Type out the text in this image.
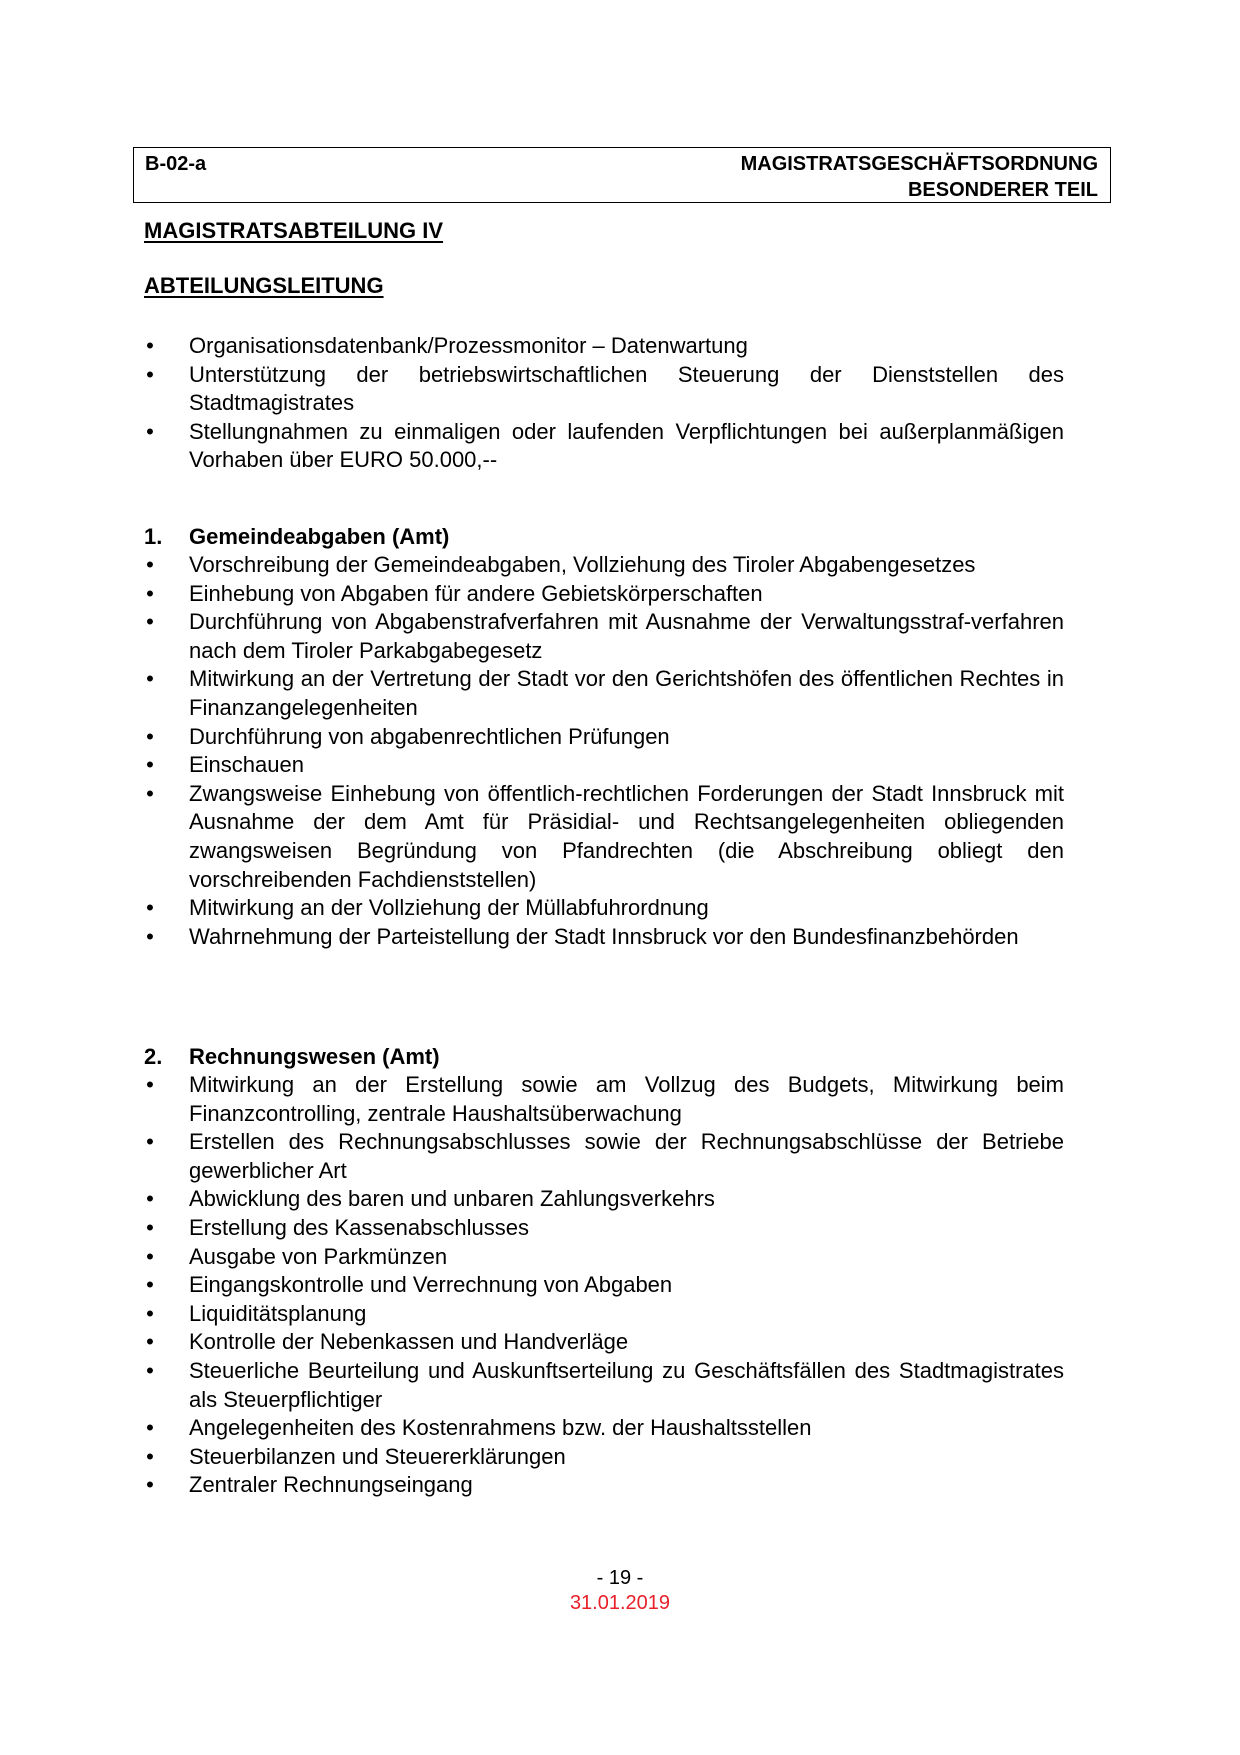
B-02-a	MAGISTRATSGESCHÄFTSORDNUNG
BESONDERER TEIL
MAGISTRATSABTEILUNG IV
ABTEILUNGSLEITUNG
•
Organisationsdatenbank/Prozessmonitor – Datenwartung
•
Unterstützung der betriebswirtschaftlichen Steuerung der Dienststellen des Stadtmagistrates
•
Stellungnahmen zu einmaligen oder laufenden Verpflichtungen bei außerplanmäßigen Vorhaben über EURO 50.000,--
1. Gemeindeabgaben (Amt)
•
Vorschreibung der Gemeindeabgaben, Vollziehung des Tiroler Abgabengesetzes
•
Einhebung von Abgaben für andere Gebietskörperschaften
•
Durchführung von Abgabenstrafverfahren mit Ausnahme der Verwaltungsstraf-verfahren nach dem Tiroler Parkabgabegesetz
•
Mitwirkung an der Vertretung der Stadt vor den Gerichtshöfen des öffentlichen Rechtes in Finanzangelegenheiten
•
Durchführung von abgabenrechtlichen Prüfungen
•
Einschauen
•
Zwangsweise Einhebung von öffentlich-rechtlichen Forderungen der Stadt Innsbruck mit Ausnahme der dem Amt für Präsidial- und Rechtsangelegenheiten obliegenden zwangsweisen Begründung von Pfandrechten (die Abschreibung obliegt den vorschreibenden Fachdienststellen)
•
Mitwirkung an der Vollziehung der Müllabfuhrordnung
•
Wahrnehmung der Parteistellung der Stadt Innsbruck vor den Bundesfinanzbehörden
2. Rechnungswesen (Amt)
•
Mitwirkung an der Erstellung sowie am Vollzug des Budgets, Mitwirkung beim Finanzcontrolling, zentrale Haushaltsüberwachung
•
Erstellen des Rechnungsabschlusses sowie der Rechnungsabschlüsse der Betriebe gewerblicher Art
•
Abwicklung des baren und unbaren Zahlungsverkehrs
•
Erstellung des Kassenabschlusses
•
Ausgabe von Parkmünzen
•
Eingangskontrolle und Verrechnung von Abgaben
•
Liquiditätsplanung
•
Kontrolle der Nebenkassen und Handverläge
•
Steuerliche Beurteilung und Auskunftserteilung zu Geschäftsfällen des Stadtmagistrates als Steuerpflichtiger
•
Angelegenheiten des Kostenrahmens bzw. der Haushaltsstellen
•
Steuerbilanzen und Steuererklärungen
•
Zentraler Rechnungseingang
- 19 -
31.01.2019
